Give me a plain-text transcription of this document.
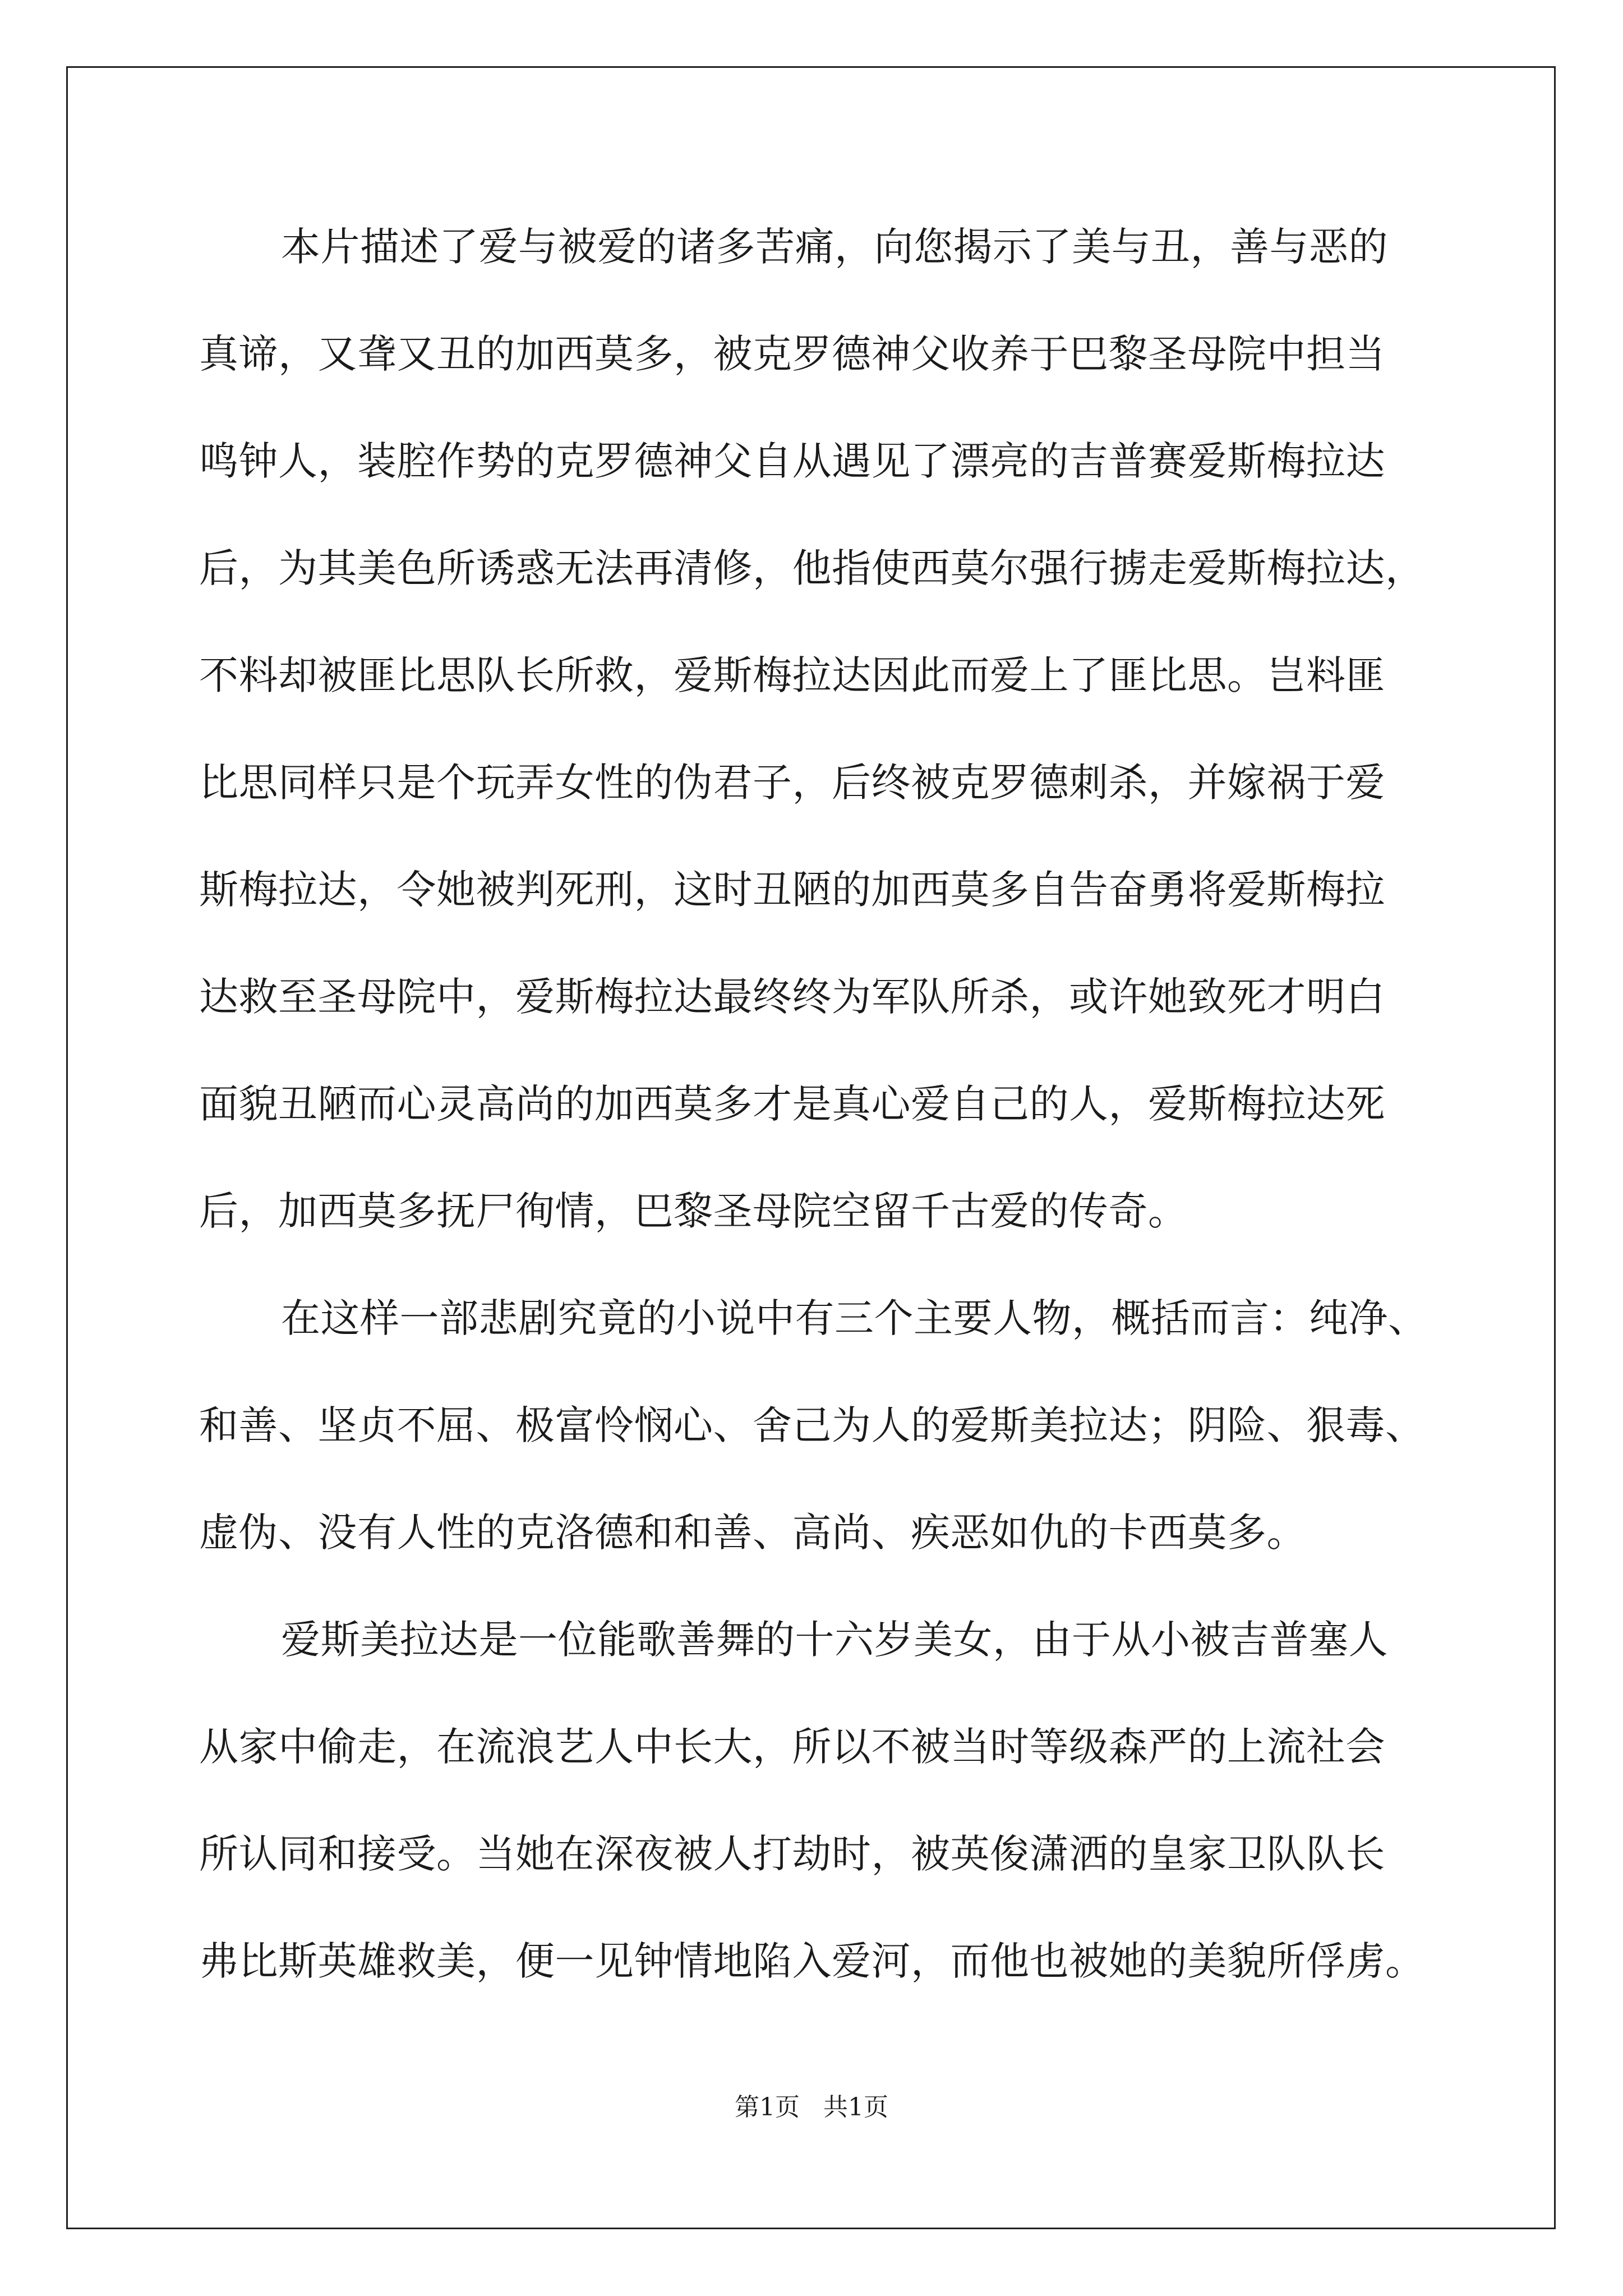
本片描述了爱与被爱的诸多苦痛，向您揭示了美与丑，善与恶的
真谛，又聋又丑的加西莫多，被克罗德神父收养于巴黎圣母院中担当
鸣钟人，装腔作势的克罗德神父自从遇见了漂亮的吉普赛爱斯梅拉达
后，为其美色所诱惑无法再清修，他指使西莫尔强行掳走爱斯梅拉达，
不料却被匪比思队长所救，爱斯梅拉达因此而爱上了匪比思。岂料匪
比思同样只是个玩弄女性的伪君子，后终被克罗德刺杀，并嫁祸于爱
斯梅拉达，令她被判死刑，这时丑陋的加西莫多自告奋勇将爱斯梅拉
达救至圣母院中，爱斯梅拉达最终终为军队所杀，或许她致死才明白
面貌丑陋而心灵高尚的加西莫多才是真心爱自己的人，爱斯梅拉达死
后，加西莫多抚尸徇情，巴黎圣母院空留千古爱的传奇。
在这样一部悲剧究竟的小说中有三个主要人物，概括而言：纯净、
和善、坚贞不屈、极富怜悯心、舍己为人的爱斯美拉达；阴险、狠毒、
虚伪、没有人性的克洛德和和善、高尚、疾恶如仇的卡西莫多。
爱斯美拉达是一位能歌善舞的十六岁美女，由于从小被吉普塞人
从家中偷走，在流浪艺人中长大，所以不被当时等级森严的上流社会
所认同和接受。当她在深夜被人打劫时，被英俊潇洒的皇家卫队队长
弗比斯英雄救美，便一见钟情地陷入爱河，而他也被她的美貌所俘虏。
第1页   共1页
